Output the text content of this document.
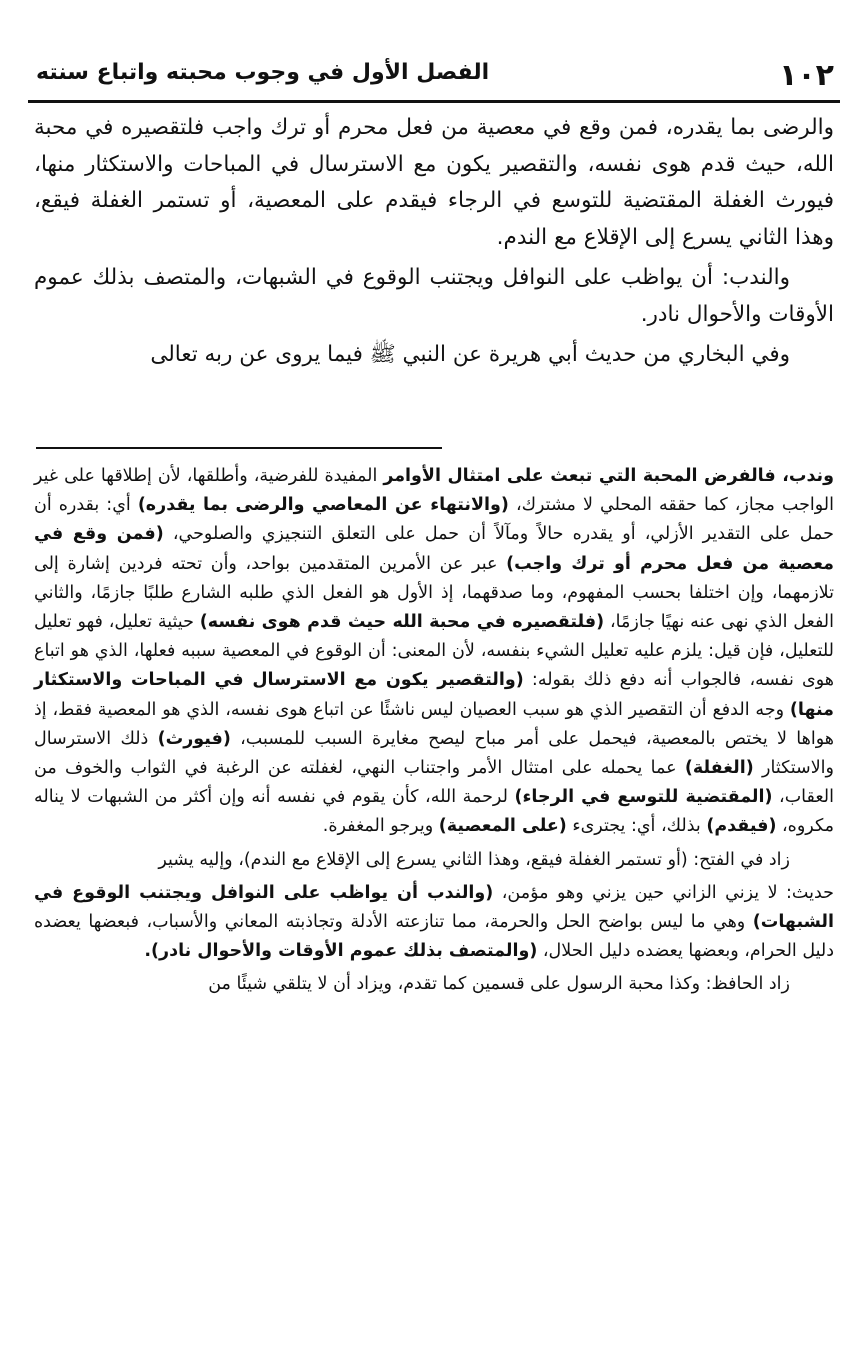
١٠٢
الفصل الأول في وجوب محبته واتباع سنته

والرضى بما يقدره، فمن وقع في معصية من فعل محرم أو ترك واجب فلتقصيره في محبة الله، حيث قدم هوى نفسه، والتقصير يكون مع الاسترسال في المباحات والاستكثار منها، فيورث الغفلة المقتضية للتوسع في الرجاء فيقدم على المعصية، أو تستمر الغفلة فيقع، وهذا الثاني يسرع إلى الإقلاع مع الندم.

والندب: أن يواظب على النوافل ويجتنب الوقوع في الشبهات، والمتصف بذلك عموم الأوقات والأحوال نادر.

وفي البخاري من حديث أبي هريرة عن النبي ﷺ فيما يروى عن ربه تعالى

وندب، فالفرض المحبة التي تبعث على امتثال الأوامر المفيدة للفرضية، وأطلقها، لأن إطلاقها على غير الواجب مجاز، كما حققه المحلي لا مشترك، (والانتهاء عن المعاصي والرضى بما يقدره) أي: بقدره أن حمل على التقدير الأزلي، أو يقدره حالاً ومآلاً أن حمل على التعلق التنجيزي والصلوحي، (فمن وقع في معصية من فعل محرم أو ترك واجب) عبر عن الأمرين المتقدمين بواحد، وأن تحته فردين إشارة إلى تلازمهما، وإن اختلفا بحسب المفهوم، وما صدقهما، إذ الأول هو الفعل الذي طلبه الشارع طلبًا جازمًا، والثاني الفعل الذي نهى عنه نهيًا جازمًا، (فلتقصيره في محبة الله حيث قدم هوى نفسه) حيثية تعليل، فهو تعليل للتعليل، فإن قيل: يلزم عليه تعليل الشيء بنفسه، لأن المعنى: أن الوقوع في المعصية سببه فعلها، الذي هو اتباع هوى نفسه، فالجواب أنه دفع ذلك بقوله: (والتقصير يكون مع الاسترسال في المباحات والاستكثار منها) وجه الدفع أن التقصير الذي هو سبب العصيان ليس ناشئًا عن اتباع هوى نفسه، الذي هو المعصية فقط، إذ هواها لا يختص بالمعصية، فيحمل على أمر مباح ليصح مغايرة السبب للمسبب، (فيورث) ذلك الاسترسال والاستكثار (الغفلة) عما يحمله على امتثال الأمر واجتناب النهي، لغفلته عن الرغبة في الثواب والخوف من العقاب، (المقتضية للتوسع في الرجاء) لرحمة الله، كأن يقوم في نفسه أنه وإن أكثر من الشبهات لا يناله مكروه، (فيقدم) بذلك، أي: يجترىء (على المعصية) ويرجو المغفرة.

زاد في الفتح: (أو تستمر الغفلة فيقع، وهذا الثاني يسرع إلى الإقلاع مع الندم)، وإليه يشير

حديث: لا يزني الزاني حين يزني وهو مؤمن، (والندب أن يواظب على النوافل ويجتنب الوقوع في الشبهات) وهي ما ليس بواضح الحل والحرمة، مما تنازعته الأدلة وتجاذبته المعاني والأسباب، فبعضها يعضده دليل الحرام، وبعضها يعضده دليل الحلال، (والمتصف بذلك عموم الأوقات والأحوال نادر).

زاد الحافظ: وكذا محبة الرسول على قسمين كما تقدم، ويزاد أن لا يتلقي شيئًا من
